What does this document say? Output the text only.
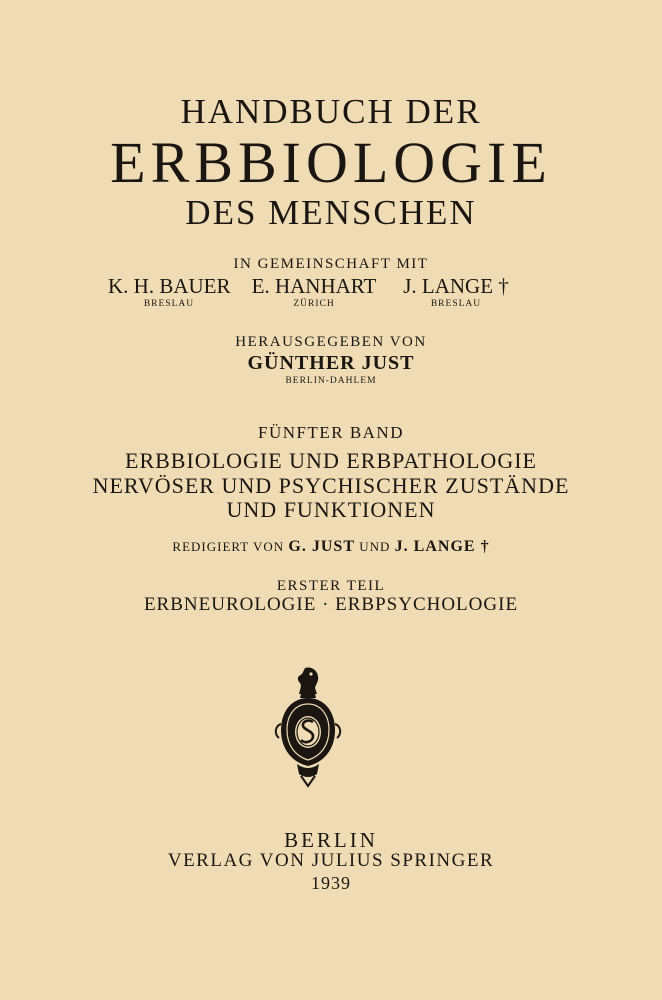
HANDBUCH DER
ERBBIOLOGIE
DES MENSCHEN
IN GEMEINSCHAFT MIT
K. H. BAUER
BRESLAU
E. HANHART
ZÜRICH
J. LANGE †
BRESLAU
HERAUSGEGEBEN VON
GÜNTHER JUST
BERLIN-DAHLEM
FÜNFTER BAND
ERBBIOLOGIE UND ERBPATHOLOGIE
NERVÖSER UND PSYCHISCHER ZUSTÄNDE
UND FUNKTIONEN
REDIGIERT VON G. JUST UND J. LANGE †
ERSTER TEIL
ERBNEUROLOGIE · ERBPSYCHOLOGIE
BERLIN
VERLAG VON JULIUS SPRINGER
1939
